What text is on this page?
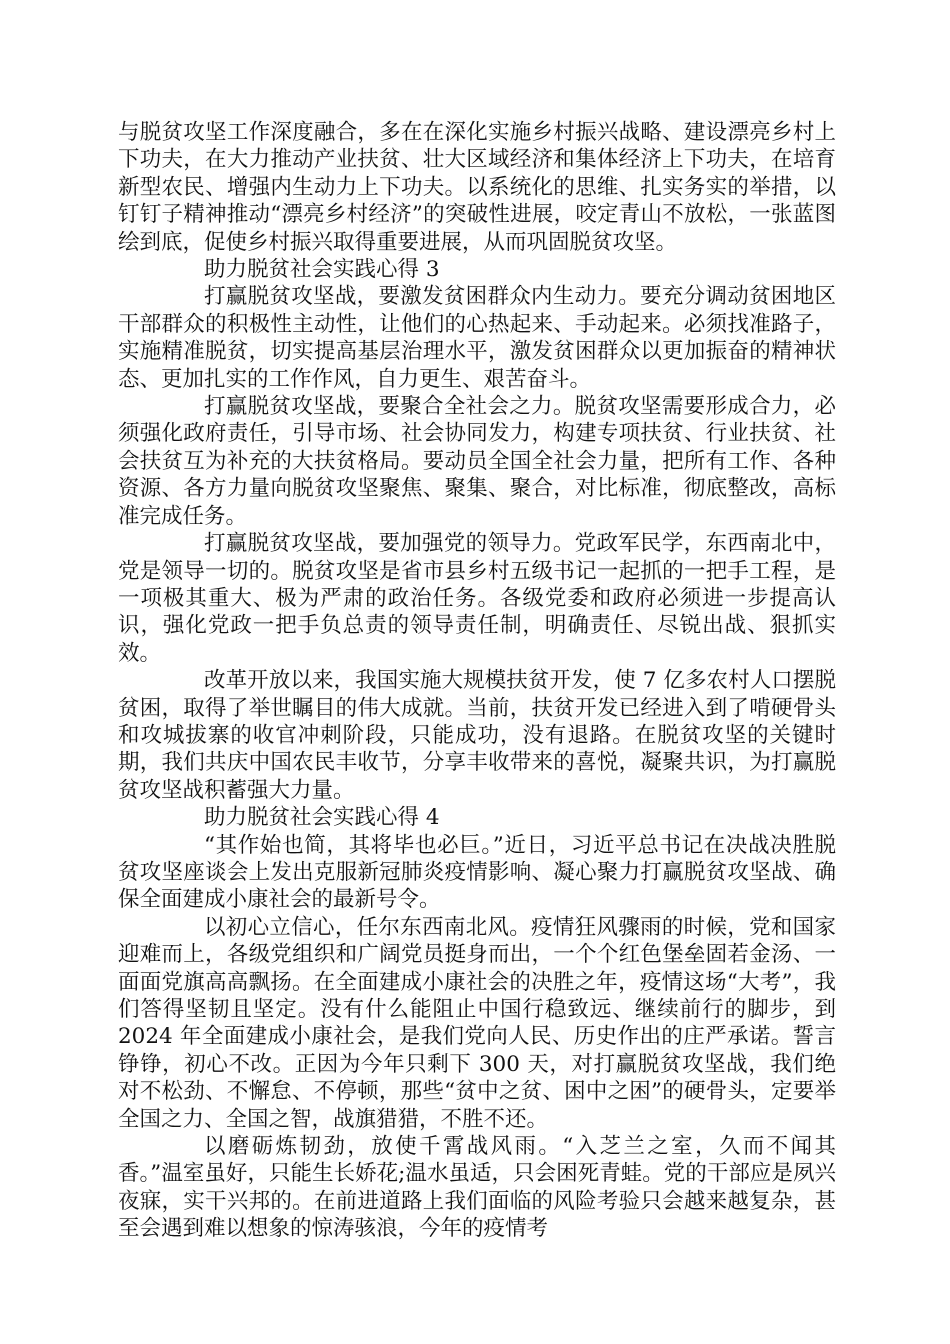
与脱贫攻坚工作深度融合，多在在深化实施乡村振兴战略、建设漂亮乡村上下功夫，在大力推动产业扶贫、壮大区域经济和集体经济上下功夫，在培育新型农民、增强内生动力上下功夫。以系统化的思维、扎实务实的举措，以钉钉子精神推动“漂亮乡村经济”的突破性进展，咬定青山不放松，一张蓝图绘到底，促使乡村振兴取得重要进展，从而巩固脱贫攻坚。

助力脱贫社会实践心得 3

打赢脱贫攻坚战，要激发贫困群众内生动力。要充分调动贫困地区干部群众的积极性主动性，让他们的心热起来、手动起来。必须找准路子，实施精准脱贫，切实提高基层治理水平，激发贫困群众以更加振奋的精神状态、更加扎实的工作作风，自力更生、艰苦奋斗。

打赢脱贫攻坚战，要聚合全社会之力。脱贫攻坚需要形成合力，必须强化政府责任，引导市场、社会协同发力，构建专项扶贫、行业扶贫、社会扶贫互为补充的大扶贫格局。要动员全国全社会力量，把所有工作、各种资源、各方力量向脱贫攻坚聚焦、聚集、聚合，对比标准，彻底整改，高标准完成任务。

打赢脱贫攻坚战，要加强党的领导力。党政军民学，东西南北中，党是领导一切的。脱贫攻坚是省市县乡村五级书记一起抓的一把手工程，是一项极其重大、极为严肃的政治任务。各级党委和政府必须进一步提高认识，强化党政一把手负总责的领导责任制，明确责任、尽锐出战、狠抓实效。

改革开放以来，我国实施大规模扶贫开发，使 7 亿多农村人口摆脱贫困，取得了举世瞩目的伟大成就。当前，扶贫开发已经进入到了啃硬骨头和攻城拔寨的收官冲刺阶段，只能成功，没有退路。在脱贫攻坚的关键时期，我们共庆中国农民丰收节，分享丰收带来的喜悦，凝聚共识，为打赢脱贫攻坚战积蓄强大力量。

助力脱贫社会实践心得 4

“其作始也简，其将毕也必巨。”近日，习近平总书记在决战决胜脱贫攻坚座谈会上发出克服新冠肺炎疫情影响、凝心聚力打赢脱贫攻坚战、确保全面建成小康社会的最新号令。

以初心立信心，任尔东西南北风。疫情狂风骤雨的时候，党和国家迎难而上，各级党组织和广阔党员挺身而出，一个个红色堡垒固若金汤、一面面党旗高高飘扬。在全面建成小康社会的决胜之年，疫情这场“大考”，我们答得坚韧且坚定。没有什么能阻止中国行稳致远、继续前行的脚步，到 2024 年全面建成小康社会，是我们党向人民、历史作出的庄严承诺。誓言铮铮，初心不改。正因为今年只剩下 300 天，对打赢脱贫攻坚战，我们绝对不松劲、不懈怠、不停顿，那些“贫中之贫、困中之困”的硬骨头，定要举全国之力、全国之智，战旗猎猎，不胜不还。

以磨砺炼韧劲，放使千霄战风雨。“入芝兰之室，久而不闻其香。”温室虽好，只能生长娇花;温水虽适，只会困死青蛙。党的干部应是夙兴夜寐，实干兴邦的。在前进道路上我们面临的风险考验只会越来越复杂，甚至会遇到难以想象的惊涛骇浪，今年的疫情考
